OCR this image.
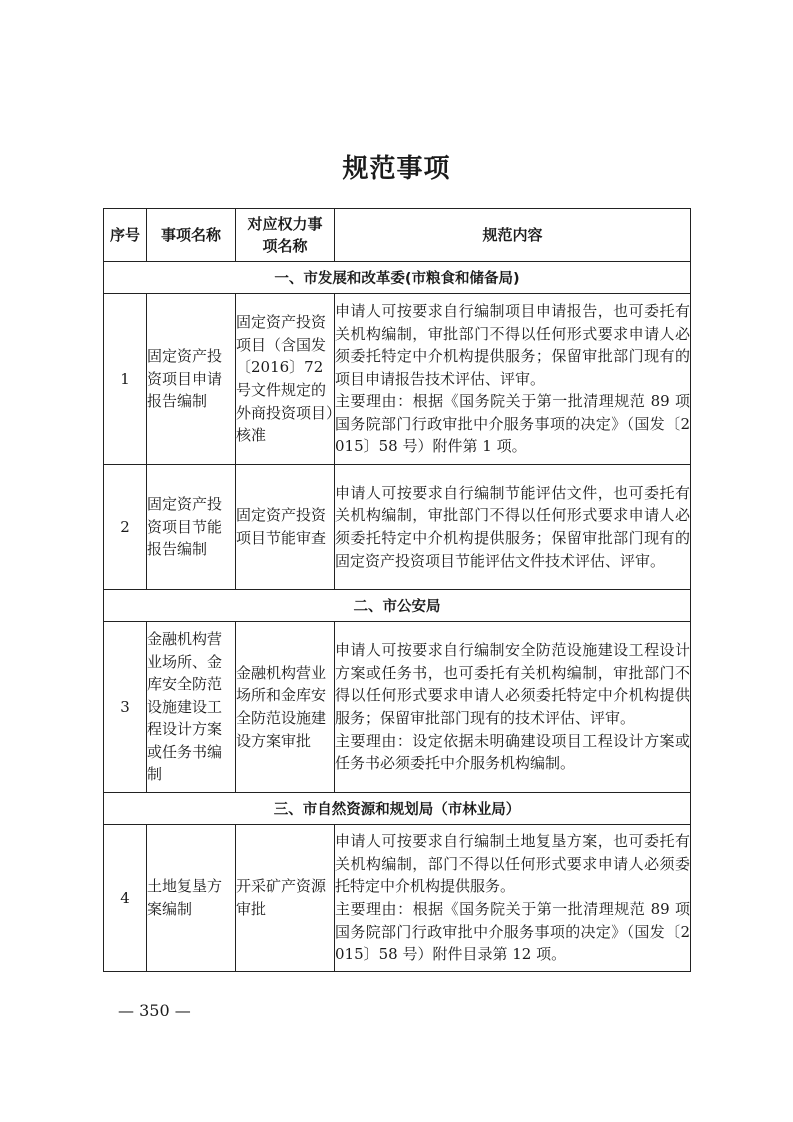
规范事项
序号	事项名称	对应权力事项名称	规范内容
一、市发展和改革委(市粮食和储备局)			
1	固定资产投资项目申请报告编制	固定资产投资项目（含国发〔2016〕72 号文件规定的外商投资项目）核准	申请人可按要求自行编制项目申请报告，也可委托有关机构编制，审批部门不得以任何形式要求申请人必须委托特定中介机构提供服务；保留审批部门现有的项目申请报告技术评估、评审。

主要理由：根据《国务院关于第一批清理规范 89 项国务院部门行政审批中介服务事项的决定》（国发〔2015〕58 号）附件第 1 项。

2	固定资产投资项目节能报告编制	固定资产投资项目节能审查	申请人可按要求自行编制节能评估文件，也可委托有关机构编制，审批部门不得以任何形式要求申请人必须委托特定中介机构提供服务；保留审批部门现有的固定资产投资项目节能评估文件技术评估、评审。

二、市公安局			
3	金融机构营业场所、金库安全防范设施建设工程设计方案或任务书编制	金融机构营业场所和金库安全防范设施建设方案审批	申请人可按要求自行编制安全防范设施建设工程设计方案或任务书，也可委托有关机构编制，审批部门不得以任何形式要求申请人必须委托特定中介机构提供服务；保留审批部门现有的技术评估、评审。

主要理由：设定依据未明确建设项目工程设计方案或任务书必须委托中介服务机构编制。

三、市自然资源和规划局（市林业局）			
4	土地复垦方案编制	开采矿产资源审批	申请人可按要求自行编制土地复垦方案，也可委托有关机构编制，部门不得以任何形式要求申请人必须委托特定中介机构提供服务。

主要理由：根据《国务院关于第一批清理规范 89 项国务院部门行政审批中介服务事项的决定》（国发〔2015〕58 号）附件目录第 12 项。

— 350 —
